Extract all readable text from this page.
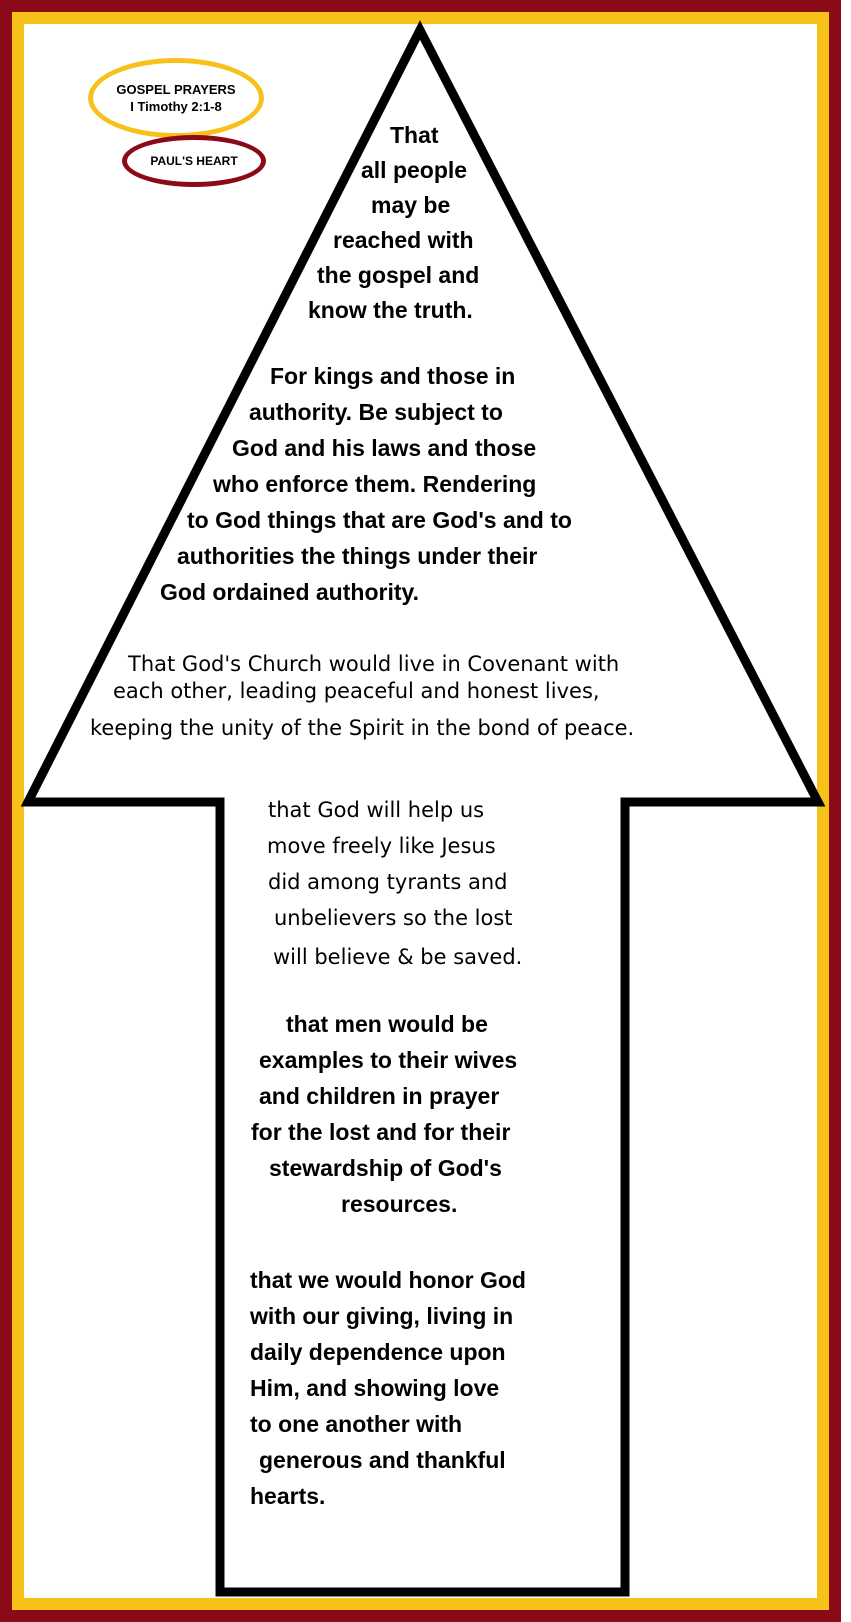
GOSPEL PRAYERS
I Timothy 2:1-8
PAUL'S HEART
That
all people
may be
reached with
the gospel and
know the truth.
For kings and those in
authority. Be subject to
God and his laws and those
who enforce them. Rendering
to God things that are God's and to
authorities the things under their
God ordained authority.
That God's Church would live in Covenant with
each other, leading peaceful and honest lives,
keeping the unity of the Spirit in the bond of peace.
that God will help us
move freely like Jesus
did among tyrants and
unbelievers so the lost
will believe & be saved.
that men would be
examples to their wives
and children in prayer
for the lost and for their
stewardship of God's
resources.
that we would honor God
with our giving, living in
daily dependence upon
Him, and showing love
to one another with
generous and thankful
hearts.
